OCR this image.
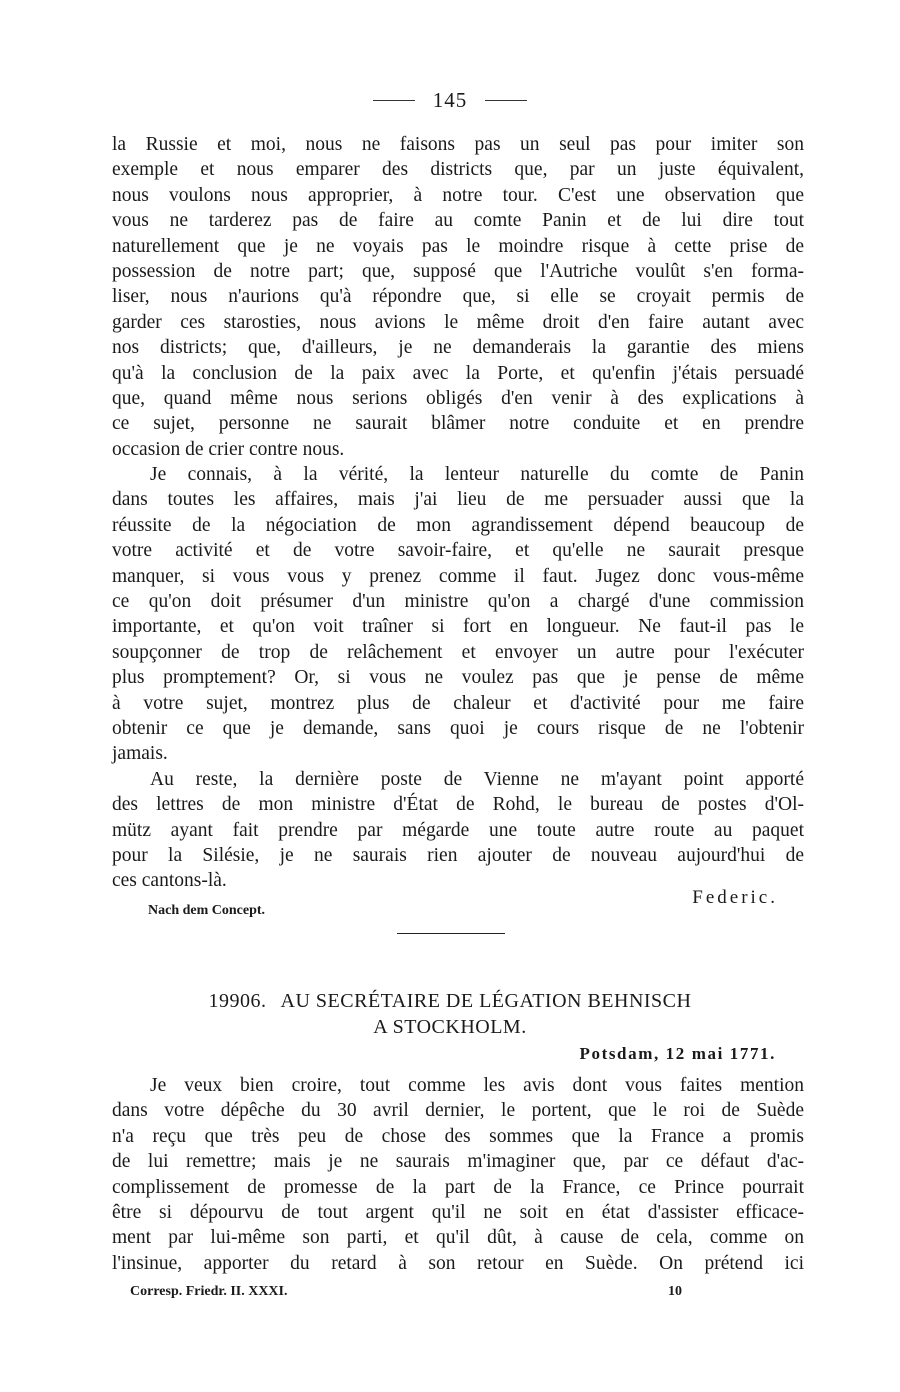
145
la Russie et moi, nous ne faisons pas un seul pas pour imiter son
exemple et nous emparer des districts que, par un juste équivalent,
nous voulons nous approprier, à notre tour. C'est une observation que
vous ne tarderez pas de faire au comte Panin et de lui dire tout
naturellement que je ne voyais pas le moindre risque à cette prise de
possession de notre part; que, supposé que l'Autriche voulût s'en forma-
liser, nous n'aurions qu'à répondre que, si elle se croyait permis de
garder ces starosties, nous avions le même droit d'en faire autant avec
nos districts; que, d'ailleurs, je ne demanderais la garantie des miens
qu'à la conclusion de la paix avec la Porte, et qu'enfin j'étais persuadé
que, quand même nous serions obligés d'en venir à des explications à
ce sujet, personne ne saurait blâmer notre conduite et en prendre
occasion de crier contre nous.
Je connais, à la vérité, la lenteur naturelle du comte de Panin
dans toutes les affaires, mais j'ai lieu de me persuader aussi que la
réussite de la négociation de mon agrandissement dépend beaucoup de
votre activité et de votre savoir-faire, et qu'elle ne saurait presque
manquer, si vous vous y prenez comme il faut. Jugez donc vous-même
ce qu'on doit présumer d'un ministre qu'on a chargé d'une commission
importante, et qu'on voit traîner si fort en longueur. Ne faut-il pas le
soupçonner de trop de relâchement et envoyer un autre pour l'exécuter
plus promptement? Or, si vous ne voulez pas que je pense de même
à votre sujet, montrez plus de chaleur et d'activité pour me faire
obtenir ce que je demande, sans quoi je cours risque de ne l'obtenir
jamais.
Au reste, la dernière poste de Vienne ne m'ayant point apporté
des lettres de mon ministre d'État de Rohd, le bureau de postes d'Ol-
mütz ayant fait prendre par mégarde une toute autre route au paquet
pour la Silésie, je ne saurais rien ajouter de nouveau aujourd'hui de
ces cantons-là.
Nach dem Concept.
Federic.
19906. AU SECRÉTAIRE DE LÉGATION BEHNISCH
A STOCKHOLM.
Potsdam, 12 mai 1771.
Je veux bien croire, tout comme les avis dont vous faites mention
dans votre dépêche du 30 avril dernier, le portent, que le roi de Suède
n'a reçu que très peu de chose des sommes que la France a promis
de lui remettre; mais je ne saurais m'imaginer que, par ce défaut d'ac-
complissement de promesse de la part de la France, ce Prince pourrait
être si dépourvu de tout argent qu'il ne soit en état d'assister efficace-
ment par lui-même son parti, et qu'il dût, à cause de cela, comme on
l'insinue, apporter du retard à son retour en Suède. On prétend ici
Corresp. Friedr. II. XXXI.	10
